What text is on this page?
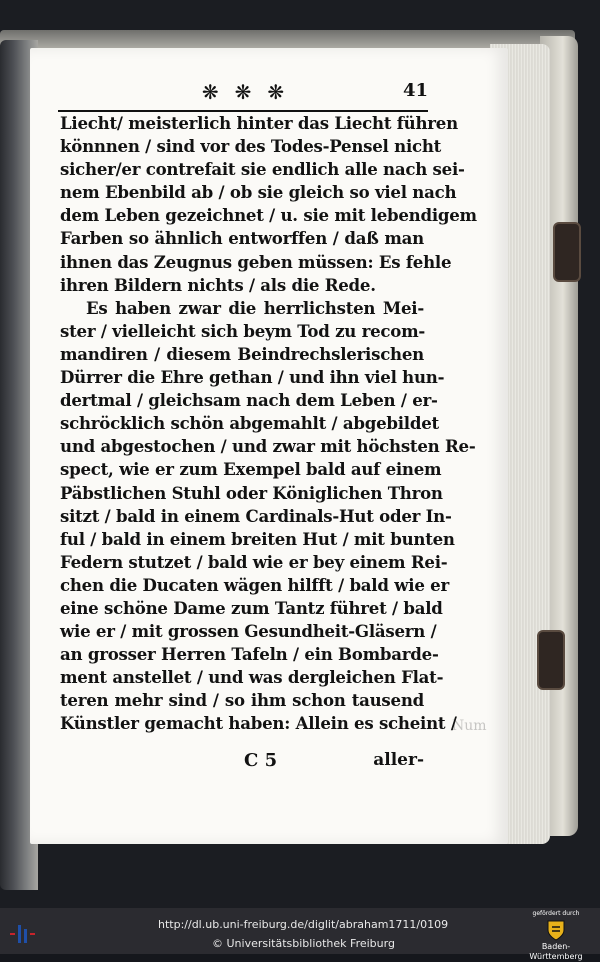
❋ ❋ ❋	41
Liecht/ meisterlich hinter das Liecht führen
könnnen / sind vor des Todes-Pensel nicht
sicher/er contrefait sie endlich alle nach sei-
nem Ebenbild ab / ob sie gleich so viel nach
dem Leben gezeichnet / u. sie mit lebendigem
Farben so ähnlich entworffen / daß man
ihnen das Zeugnus geben müssen: Es fehle
ihren Bildern nichts / als die Rede.
Es haben zwar die herrlichsten Mei-
ster / vielleicht sich beym Tod zu recom-
mandiren / diesem Beindrechslerischen
Dürrer die Ehre gethan / und ihn viel hun-
dertmal / gleichsam nach dem Leben / er-
schröcklich schön abgemahlt / abgebildet
und abgestochen / und zwar mit höchsten Re-
spect, wie er zum Exempel bald auf einem
Päbstlichen Stuhl oder Königlichen Thron
sitzt / bald in einem Cardinals-Hut oder In-
ful / bald in einem breiten Hut / mit bunten
Federn stutzet / bald wie er bey einem Rei-
chen die Ducaten wägen hilfft / bald wie er
eine schöne Dame zum Tantz führet / bald
wie er / mit grossen Gesundheit-Gläsern /
an grosser Herren Tafeln / ein Bombarde-
ment anstellet / und was dergleichen Flat-
teren mehr sind / so ihm schon tausend
Künstler gemacht haben: Allein es scheint /
C 5	aller-
Num
http://dl.ub.uni-freiburg.de/diglit/abraham1711/0109
© Universitätsbibliothek Freiburg
gefördert durch
Baden-Württemberg
